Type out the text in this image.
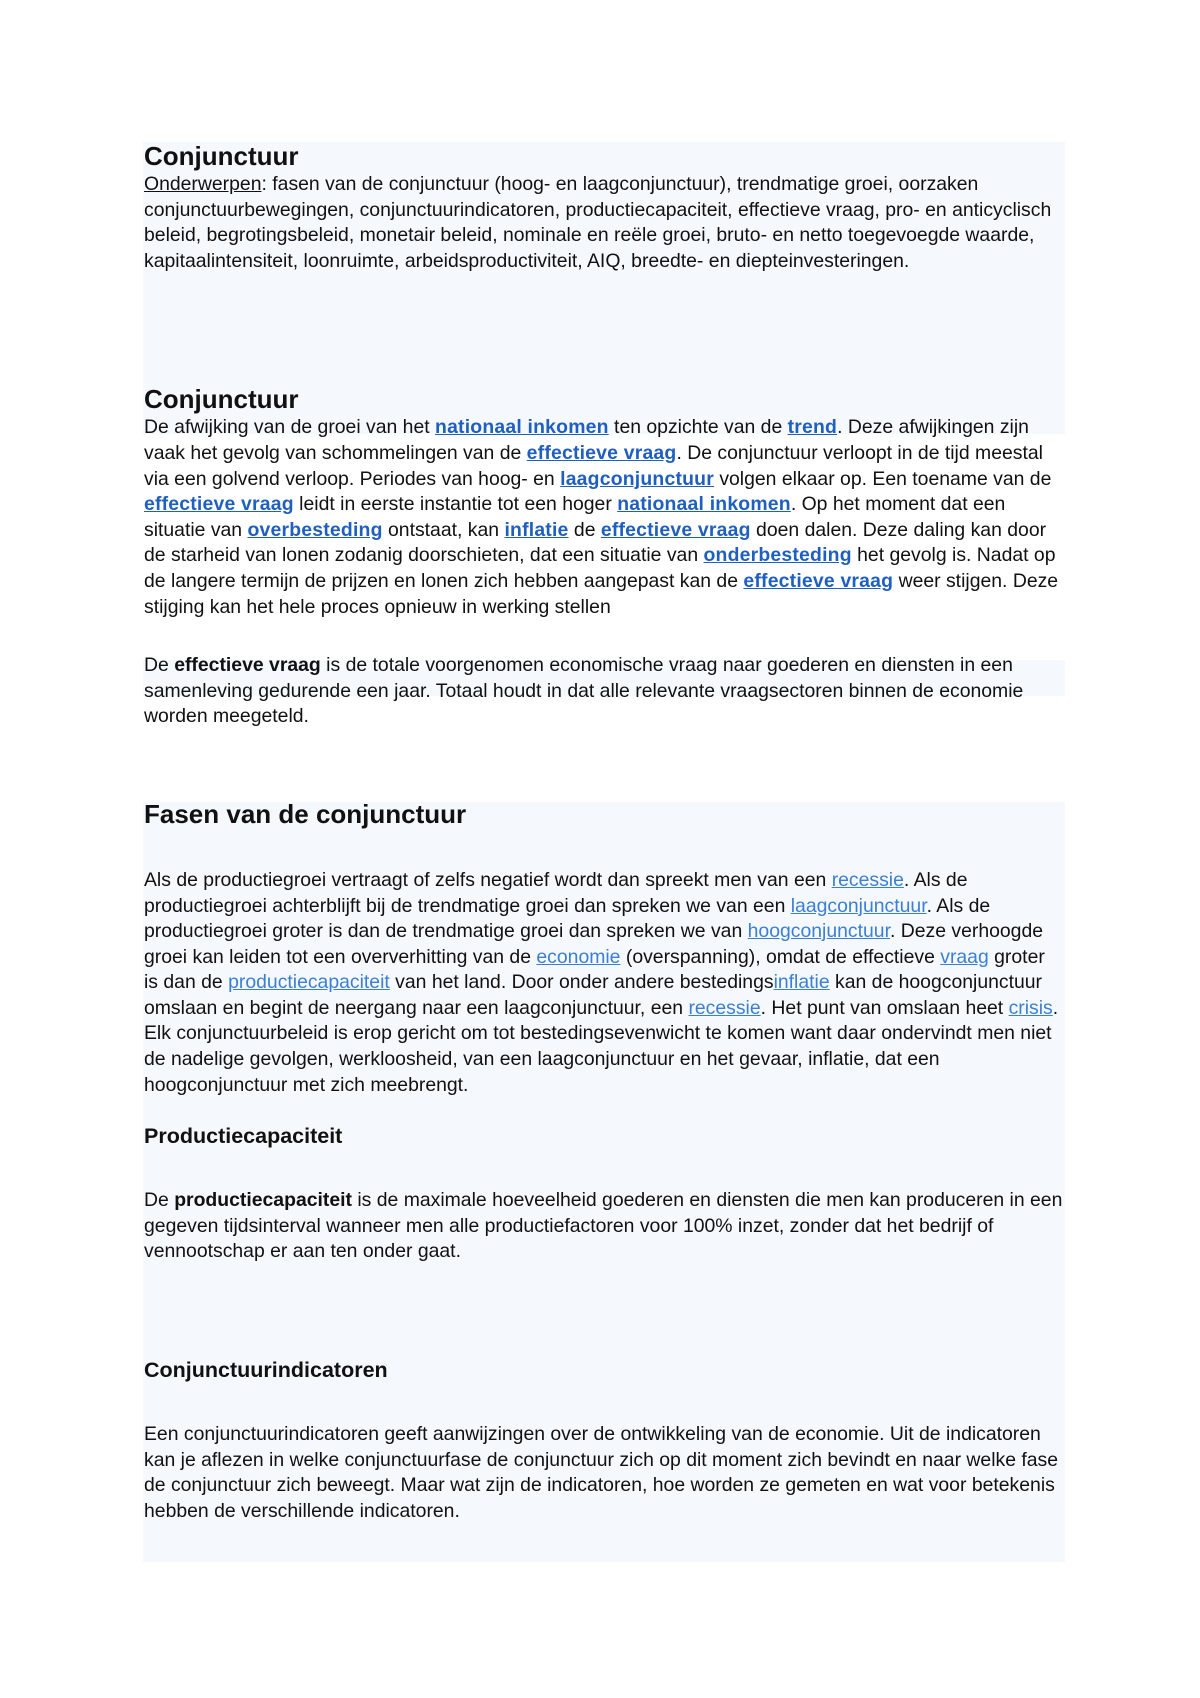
Conjunctuur

Onderwerpen: fasen van de conjunctuur (hoog- en laagconjunctuur), trendmatige groei, oorzaken conjunctuurbewegingen, conjunctuurindicatoren, productiecapaciteit, effectieve vraag, pro- en anticyclisch beleid, begrotingsbeleid, monetair beleid, nominale en reële groei, bruto- en netto toegevoegde waarde, kapitaalintensiteit, loonruimte, arbeidsproductiviteit, AIQ, breedte- en diepteinvesteringen.

Conjunctuur

De afwijking van de groei van het nationaal inkomen ten opzichte van de trend. Deze afwijkingen zijn vaak het gevolg van schommelingen van de effectieve vraag. De conjunctuur verloopt in de tijd meestal via een golvend verloop. Periodes van hoog- en laagconjunctuur volgen elkaar op. Een toename van de effectieve vraag leidt in eerste instantie tot een hoger nationaal inkomen. Op het moment dat een situatie van overbesteding ontstaat, kan inflatie de effectieve vraag doen dalen. Deze daling kan door de starheid van lonen zodanig doorschieten, dat een situatie van onderbesteding het gevolg is. Nadat op de langere termijn de prijzen en lonen zich hebben aangepast kan de effectieve vraag weer stijgen. Deze stijging kan het hele proces opnieuw in werking stellen

De effectieve vraag is de totale voorgenomen economische vraag naar goederen en diensten in een samenleving gedurende een jaar. Totaal houdt in dat alle relevante vraagsectoren binnen de economie worden meegeteld.

Fasen van de conjunctuur

Als de productiegroei vertraagt of zelfs negatief wordt dan spreekt men van een recessie. Als de productiegroei achterblijft bij de trendmatige groei dan spreken we van een laagconjunctuur. Als de productiegroei groter is dan de trendmatige groei dan spreken we van hoogconjunctuur. Deze verhoogde groei kan leiden tot een oververhitting van de economie (overspanning), omdat de effectieve vraag groter is dan de productiecapaciteit van het land. Door onder andere bestedingsinflatie kan de hoogconjunctuur omslaan en begint de neergang naar een laagconjunctuur, een recessie. Het punt van omslaan heet crisis. Elk conjunctuurbeleid is erop gericht om tot bestedingsevenwicht te komen want daar ondervindt men niet de nadelige gevolgen, werkloosheid, van een laagconjunctuur en het gevaar, inflatie, dat een hoogconjunctuur met zich meebrengt.

Productiecapaciteit

De productiecapaciteit is de maximale hoeveelheid goederen en diensten die men kan produceren in een gegeven tijdsinterval wanneer men alle productiefactoren voor 100% inzet, zonder dat het bedrijf of vennootschap er aan ten onder gaat.

Conjunctuurindicatoren

Een conjunctuurindicatoren geeft aanwijzingen over de ontwikkeling van de economie. Uit de indicatoren kan je aflezen in welke conjunctuurfase de conjunctuur zich op dit moment zich bevindt en naar welke fase de conjunctuur zich beweegt. Maar wat zijn de indicatoren, hoe worden ze gemeten en wat voor betekenis hebben de verschillende indicatoren.
